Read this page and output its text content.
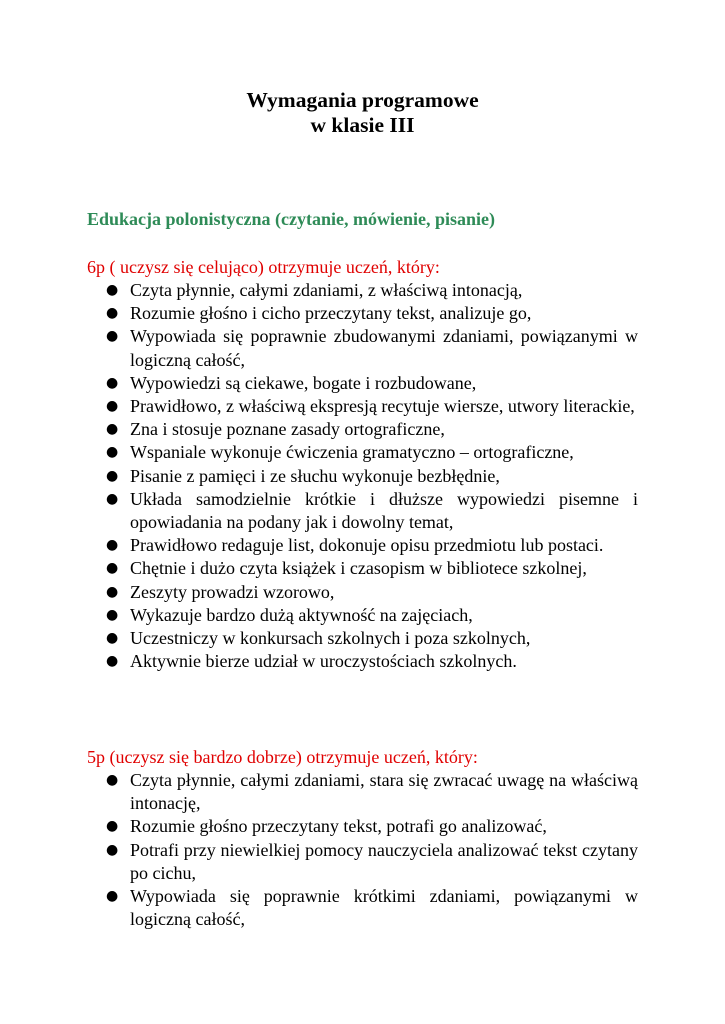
Wymagania programowe
w klasie III
Edukacja polonistyczna (czytanie, mówienie, pisanie)
6p ( uczysz się celująco) otrzymuje uczeń, który:
● Czyta płynnie, całymi zdaniami, z właściwą intonacją,
● Rozumie głośno i cicho przeczytany tekst, analizuje go,
● Wypowiada się poprawnie zbudowanymi zdaniami, powiązanymi w logiczną całość,
● Wypowiedzi są ciekawe, bogate i rozbudowane,
● Prawidłowo, z właściwą ekspresją recytuje wiersze, utwory literackie,
● Zna i stosuje poznane zasady ortograficzne,
● Wspaniale wykonuje ćwiczenia gramatyczno – ortograficzne,
● Pisanie z pamięci i ze słuchu wykonuje bezbłędnie,
● Układa samodzielnie krótkie i dłuższe wypowiedzi pisemne i opowiadania na podany jak i dowolny temat,
● Prawidłowo redaguje list, dokonuje opisu przedmiotu lub postaci.
● Chętnie i dużo czyta książek i czasopism w bibliotece szkolnej,
● Zeszyty prowadzi wzorowo,
● Wykazuje bardzo dużą aktywność na zajęciach,
● Uczestniczy w konkursach szkolnych i poza szkolnych,
● Aktywnie bierze udział w uroczystościach szkolnych.
5p (uczysz się bardzo dobrze) otrzymuje uczeń, który:
● Czyta płynnie, całymi zdaniami, stara się zwracać uwagę na właściwą intonację,
● Rozumie głośno przeczytany tekst, potrafi go analizować,
● Potrafi przy niewielkiej pomocy nauczyciela analizować tekst czytany po cichu,
● Wypowiada się poprawnie krótkimi zdaniami, powiązanymi w logiczną całość,
